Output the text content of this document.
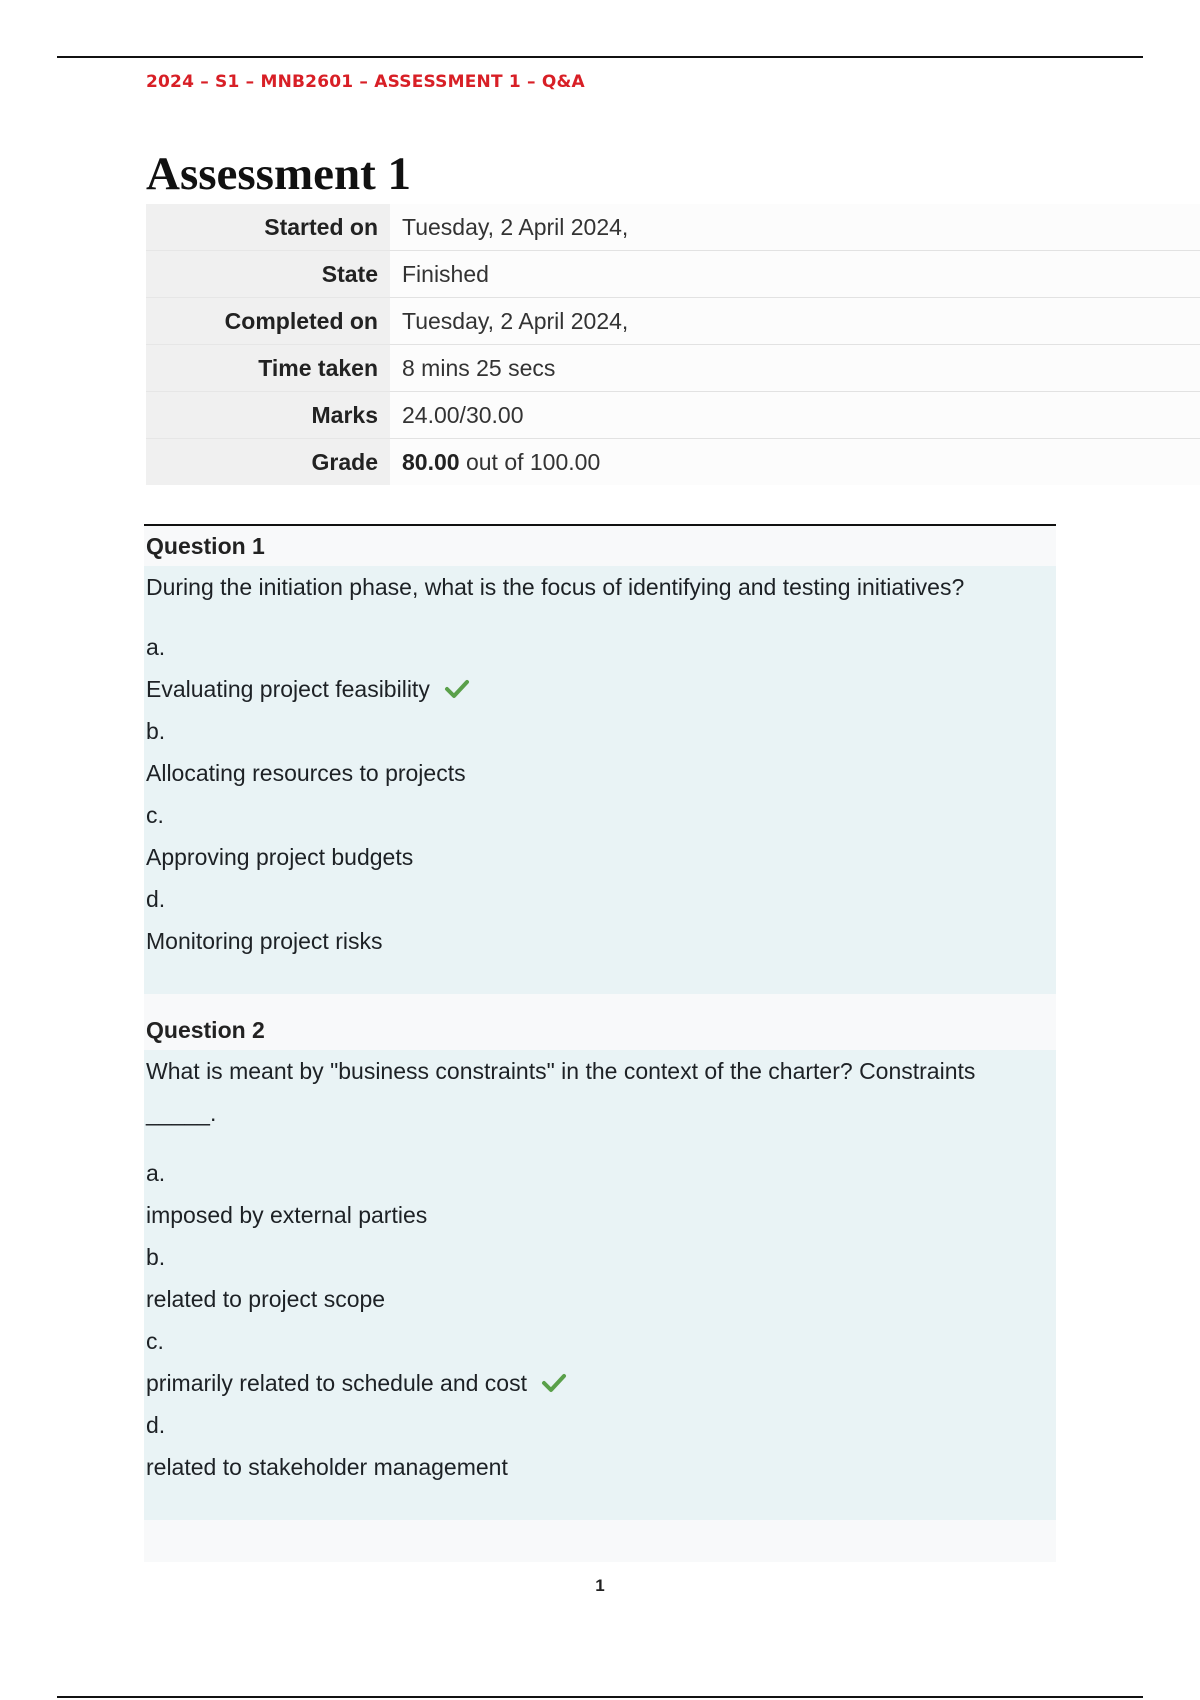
2024 – S1 – MNB2601 – ASSESSMENT 1 – Q&A
Assessment 1
Started on	Tuesday, 2 April 2024,
State	Finished
Completed on	Tuesday, 2 April 2024,
Time taken	8 mins 25 secs
Marks	24.00/30.00
Grade	80.00 out of 100.00
Question 1

During the initiation phase, what is the focus of identifying and testing initiatives?

a.
Evaluating project feasibility
b.
Allocating resources to projects
c.
Approving project budgets
d.
Monitoring project risks
Question 2

What is meant by "business constraints" in the context of the charter? Constraints

_____.

a.
imposed by external parties
b.
related to project scope
c.
primarily related to schedule and cost
d.
related to stakeholder management
1
